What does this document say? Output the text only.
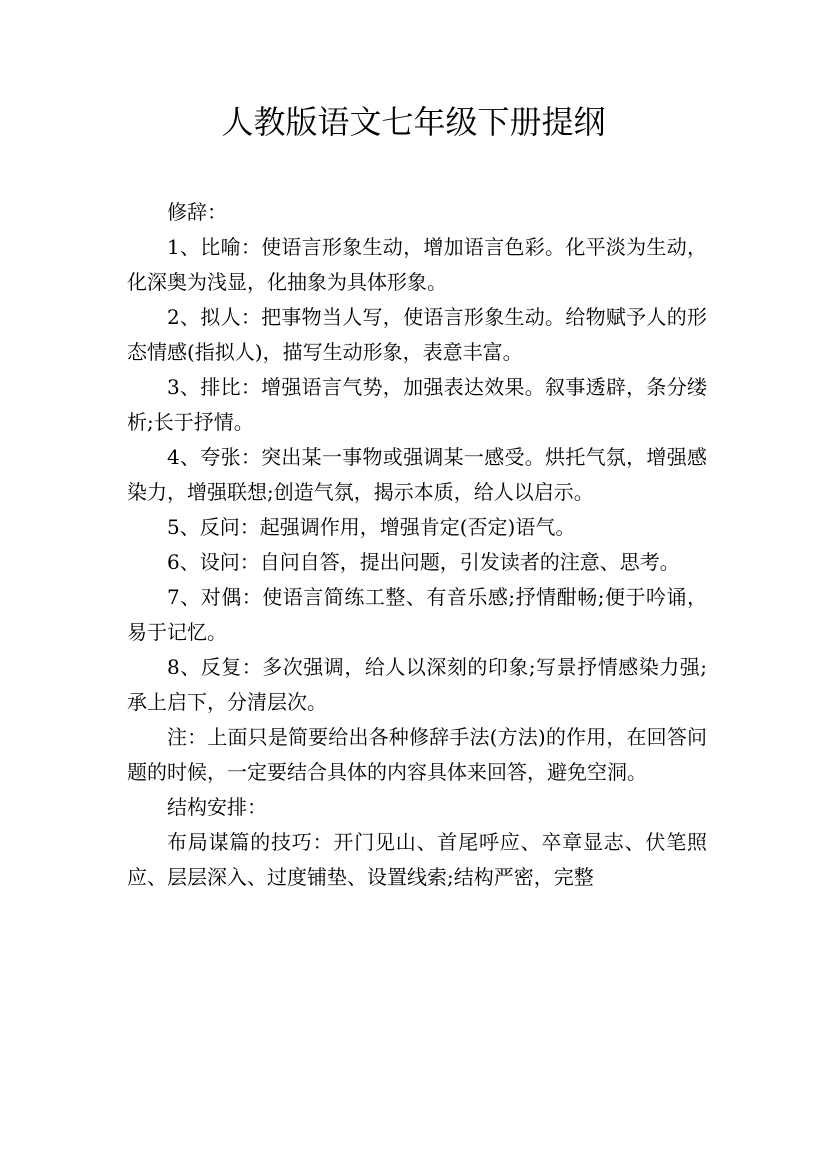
人教版语文七年级下册提纲

修辞：

1、比喻：使语言形象生动，增加语言色彩。化平淡为生动，化深奥为浅显，化抽象为具体形象。

2、拟人：把事物当人写，使语言形象生动。给物赋予人的形态情感(指拟人)，描写生动形象，表意丰富。

3、排比：增强语言气势，加强表达效果。叙事透辟，条分缕析;长于抒情。

4、夸张：突出某一事物或强调某一感受。烘托气氛，增强感染力，增强联想;创造气氛，揭示本质，给人以启示。

5、反问：起强调作用，增强肯定(否定)语气。

6、设问：自问自答，提出问题，引发读者的注意、思考。

7、对偶：使语言简练工整、有音乐感;抒情酣畅;便于吟诵，易于记忆。

8、反复：多次强调，给人以深刻的印象;写景抒情感染力强;承上启下，分清层次。

注：上面只是简要给出各种修辞手法(方法)的作用，在回答问题的时候，一定要结合具体的内容具体来回答，避免空洞。

结构安排：

布局谋篇的技巧：开门见山、首尾呼应、卒章显志、伏笔照应、层层深入、过度铺垫、设置线索;结构严密，完整
